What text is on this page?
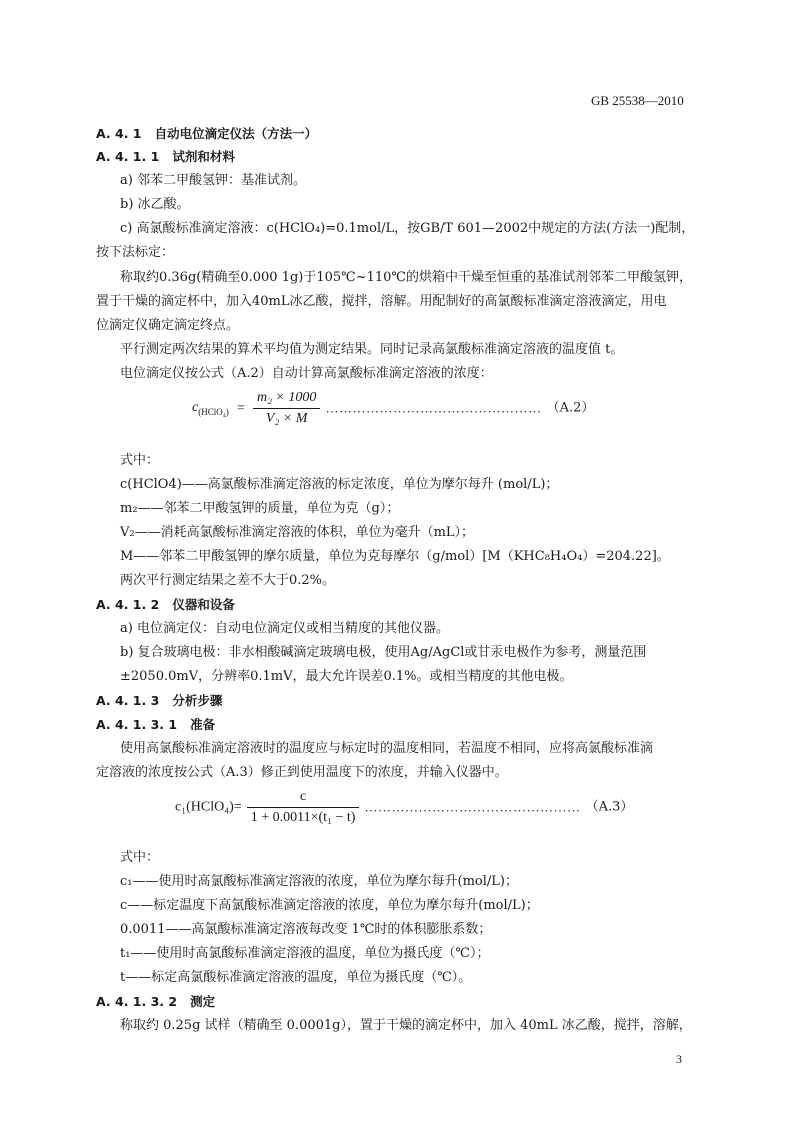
GB 25538—2010
A. 4. 1 自动电位滴定仪法（方法一）
A. 4. 1. 1 试剂和材料
a) 邻苯二甲酸氢钾：基准试剂。
b) 冰乙酸。
c) 高氯酸标准滴定溶液：c(HClO₄)=0.1mol/L，按GB/T 601—2002中规定的方法(方法一)配制，
按下法标定：
称取约0.36g(精确至0.000 1g)于105℃~110℃的烘箱中干燥至恒重的基准试剂邻苯二甲酸氢钾，
置于干燥的滴定杯中，加入40mL冰乙酸，搅拌，溶解。用配制好的高氯酸标准滴定溶液滴定，用电
位滴定仪确定滴定终点。
平行测定两次结果的算术平均值为测定结果。同时记录高氯酸标准滴定溶液的温度值 t。
电位滴定仪按公式（A.2）自动计算高氯酸标准滴定溶液的浓度：
$c_{(HClO_4)} = \frac{\text{m₂ × 1000}}{\text{V₂ × M}}$ ………………………………………… （A.2）
式中：
c(HClO4)——高氯酸标准滴定溶液的标定浓度，单位为摩尔每升 (mol/L)；
m₂——邻苯二甲酸氢钾的质量，单位为克（g）；
V₂——消耗高氯酸标准滴定溶液的体积，单位为毫升（mL）；
M——邻苯二甲酸氢钾的摩尔质量，单位为克每摩尔（g/mol）[M（KHC₈H₄O₄）=204.22]。
两次平行测定结果之差不大于0.2%。
A. 4. 1. 2 仪器和设备
a) 电位滴定仪：自动电位滴定仪或相当精度的其他仪器。
b) 复合玻璃电极：非水相酸碱滴定玻璃电极，使用Ag/AgCl或甘汞电极作为参考，测量范围
±2050.0mV，分辨率0.1mV，最大允许误差0.1%。或相当精度的其他电极。
A. 4. 1. 3 分析步骤
A. 4. 1. 3. 1 准备
使用高氯酸标准滴定溶液时的温度应与标定时的温度相同，若温度不相同，应将高氯酸标准滴
定溶液的浓度按公式（A.3）修正到使用温度下的浓度，并输入仪器中。
c₁(HClO₄)= $\frac{c}{\text{1 + 0.0011×(t₁ − t)}}$ ………………………………………… （A.3）
式中：
c₁——使用时高氯酸标准滴定溶液的浓度，单位为摩尔每升(mol/L)；
c——标定温度下高氯酸标准滴定溶液的浓度，单位为摩尔每升(mol/L)；
0.0011——高氯酸标准滴定溶液每改变 1℃时的体积膨胀系数；
t₁——使用时高氯酸标准滴定溶液的温度，单位为摄氏度（℃）；
t——标定高氯酸标准滴定溶液的温度，单位为摄氏度（℃）。
A. 4. 1. 3. 2 测定
称取约 0.25g 试样（精确至 0.0001g），置于干燥的滴定杯中，加入 40mL 冰乙酸，搅拌，溶解，
3
